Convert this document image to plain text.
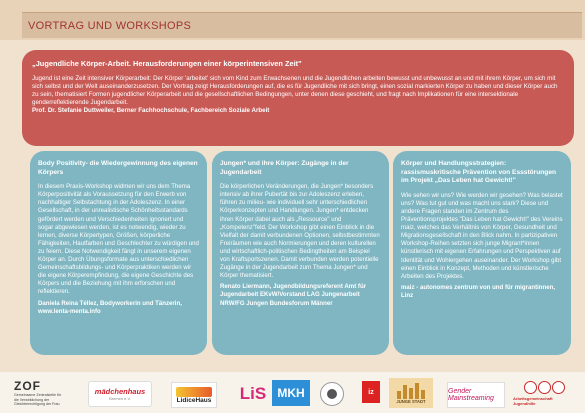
VORTRAG UND WORKSHOPS

„Jugendliche Körper-Arbeit. Herausforderungen einer körperintensiven Zeit"

Jugend ist eine Zeit intensiver Körperarbeit: Der Körper 'arbeitet' sich vom Kind zum Erwachsenen und die Jugendlichen arbeiten bewusst und unbewusst an und mit ihrem Körper, um sich mit sich selbst und der Welt auseinanderzusetzen. Der Vortrag zeigt Herausforderungen auf, die es für Jugendliche mit sich bringt, einen sozial markierten Körper zu haben und dieser Körper auch zu sein, thematisiert Formen jugendlicher Körperarbeit und die gesellschaftlichen Bedingungen, unter denen diese geschieht, und fragt nach Implikationen für eine intersektionale genderreflektierende Jugendarbeit.
Prof. Dr. Stefanie Duttweiler, Berner Fachhochschule, Fachbereich Soziale Arbeit

Body Positivity- die Wiedergewinnung des eigenen Körpers

In diesem Praxis-Workshop widmen wir uns dem Thema Körperpositivität als Voraussetzung für den Erwerb von nachhaltiger Selbstachtung in der Adoleszenz. In einer Gesellschaft, in der unrealistische Schönheitsstandards gefördert werden und Verschiedenheiten ignoriert und sogar abgewiesen werden, ist es notwendig, wieder zu lernen, diverse Körpertypen, Größen, körperliche Fähigkeiten, Hautfarben und Geschlechter zu würdigen und zu feiern. Diese Notwendigkeit fängt in unserem eigenen Körper an. Durch Übungsformate aus unterschiedlichen Gemeinschaftsbildungs- und Körperpraktiken werden wir die eigene Körperempfindung, die eigene Geschichte des Körpers und die Beziehung mit ihm erforschen und reflektieren.

Daniela Reina Téllez, Bodyworkerin und Tänzerin, www.lenta-menta.info

Jungen* und ihre Körper: Zugänge in der Jugendarbeit

Die körperlichen Veränderungen, die Jungen* besonders intensiv ab ihrer Pubertät bis zur Adoleszenz erleben, führen zu milieu- wie individuell sehr unterschiedlichen Körperkonzepten und Handlungen. Jungen* entdecken ihren Körper dabei auch als „Ressource" und „Kompetenz"feld. Der Workshop gibt einen Einblick in die Vielfalt der damit verbundenen Optionen, selbstbestimmten Freiräumen wie auch Normierungen und deren kulturellen und wirtschaftlich-politischen Bedingtheiten am Beispiel von Kraftsportszenen. Damit verbunden werden potentielle Zugänge in der Jugendarbeit zum Thema Jungen* und Körper thematisiert.

Renato Liermann, Jugendbildungsreferent Amt für Jugendarbeit EKvW/Vorstand LAG Jungenarbeit NRW/FG Jungen Bundesforum Männer

Körper und Handlungsstrategien: rassismuskritische Prävention von Essstörungen im Projekt „Das Leben hat Gewicht!"

Wie sehen wir uns? Wie werden wir gesehen? Was belastet uns? Was tut gut und was macht uns stark? Diese und andere Fragen standen im Zentrum des Präventionsprojektes "Das Leben hat Gewicht!" des Vereins maiz, welches das Verhältnis von Körper, Gesundheit und Migrationsgesellschaft in den Blick nahm. In partizipativen Workshop-Reihen setzten sich junge Migrant*innen künstlerisch mit eigenen Erfahrungen und Perspektiven auf Identität und Wohlergehen auseinander. Der Workshop gibt einen Einblick in Konzept, Methoden und künstlerische Arbeiten des Projektes.

maiz - autonomes zentrum von und für migrantinnen, Linz
ZOF
Gemeinsame Zentralstelle für die Verwirklichung der Gleichberechtigung der Frau
mädchenhaus
Bremen e.V.	LidiceHaus LiS MKH	iz
JUNGE STADT
Gender Mainstreaming	Arbeitsgemeinschaft Jugendhilfe
